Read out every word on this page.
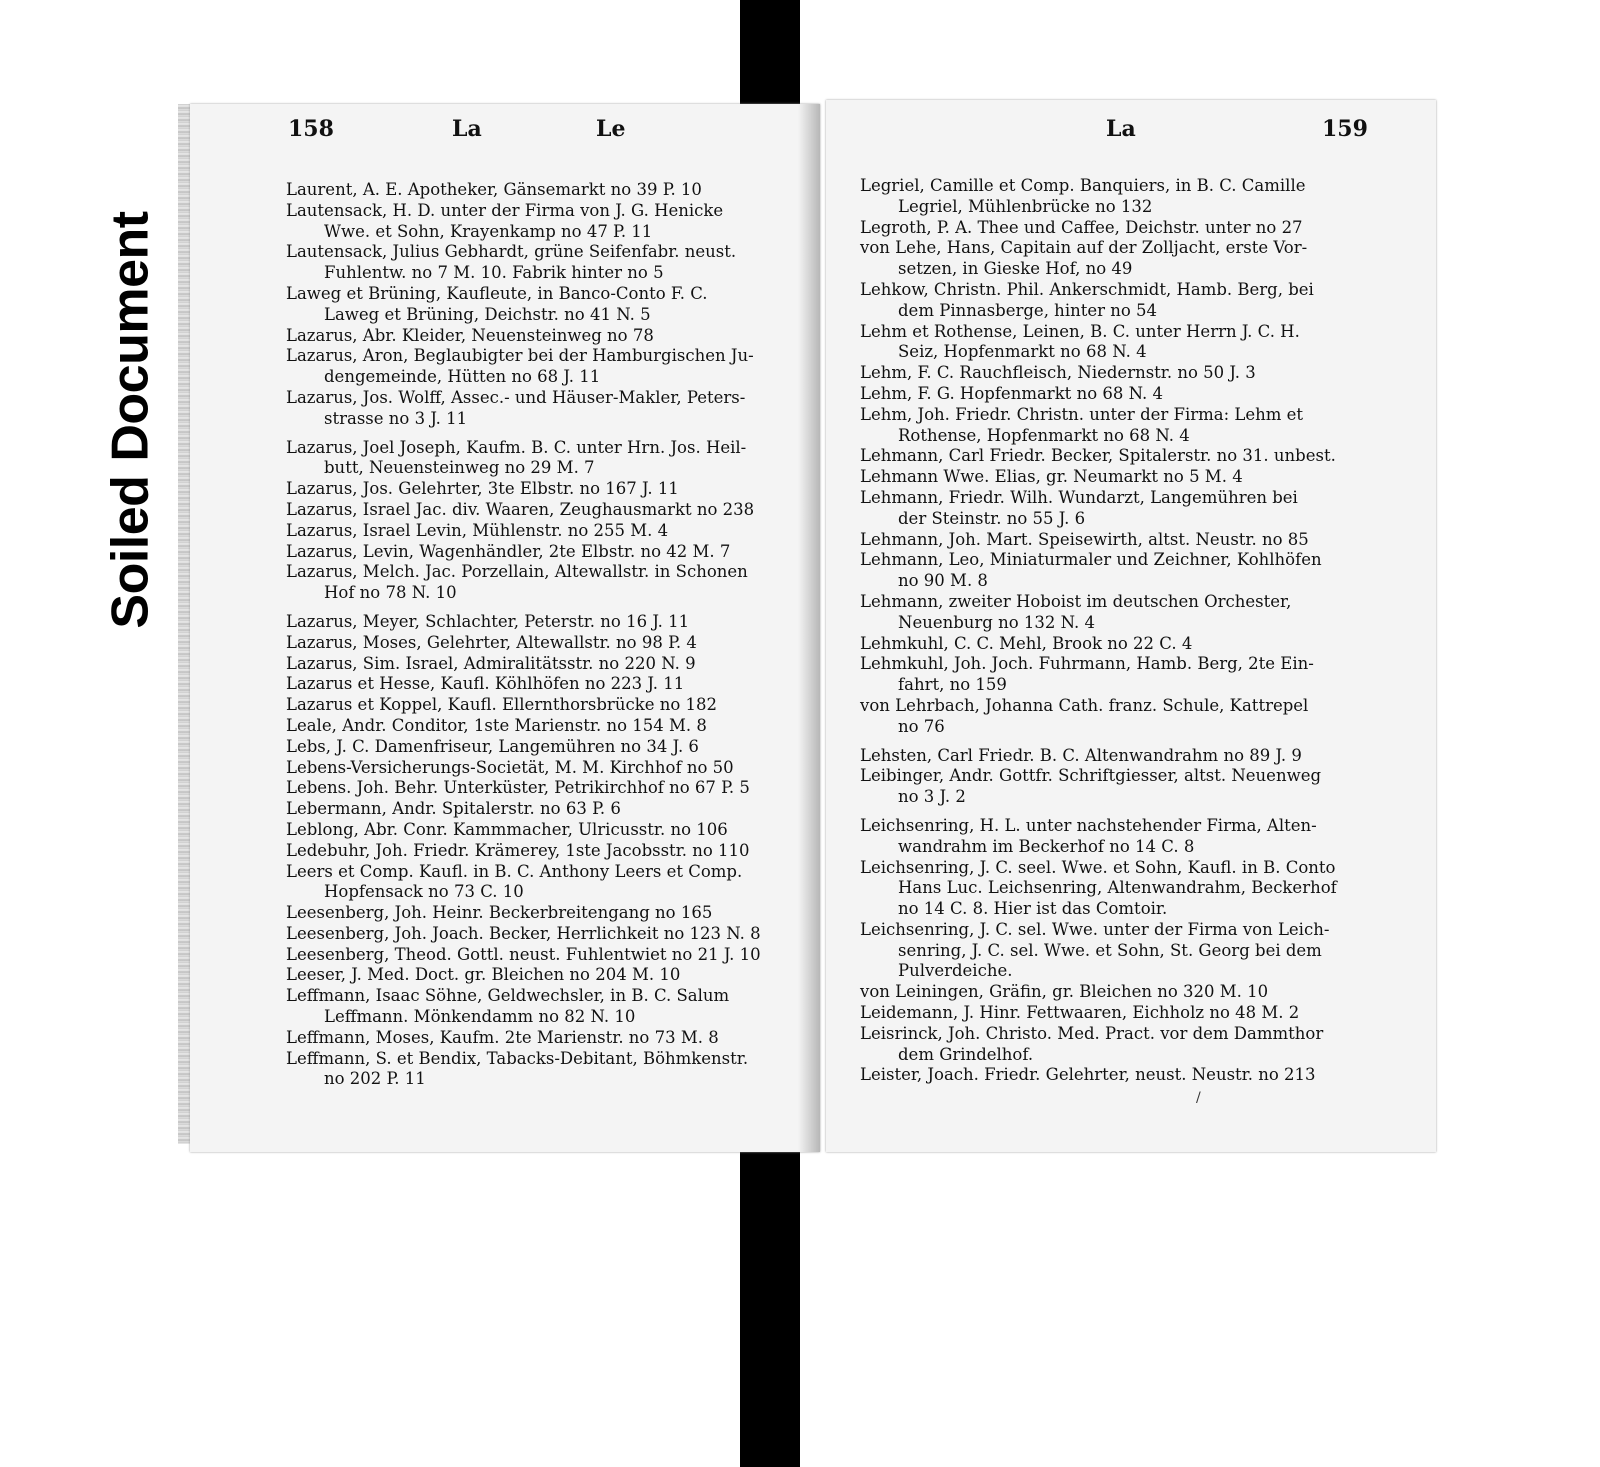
Soiled Document
158	La	Le	La	159

Laurent, A. E. Apotheker, Gänsemarkt no 39 P. 10

Lautensack, H. D. unter der Firma von J. G. Henicke

Wwe. et Sohn, Krayenkamp no 47 P. 11

Lautensack, Julius Gebhardt, grüne Seifenfabr. neust.

Fuhlentw. no 7 M. 10. Fabrik hinter no 5

Laweg et Brüning, Kaufleute, in Banco-Conto F. C.

Laweg et Brüning, Deichstr. no 41 N. 5

Lazarus, Abr. Kleider, Neuensteinweg no 78

Lazarus, Aron, Beglaubigter bei der Hamburgischen Ju-

dengemeinde, Hütten no 68 J. 11

Lazarus, Jos. Wolff, Assec.- und Häuser-Makler, Peters-

strasse no 3 J. 11

Lazarus, Joel Joseph, Kaufm. B. C. unter Hrn. Jos. Heil-

butt, Neuensteinweg no 29 M. 7

Lazarus, Jos. Gelehrter, 3te Elbstr. no 167 J. 11

Lazarus, Israel Jac. div. Waaren, Zeughausmarkt no 238

Lazarus, Israel Levin, Mühlenstr. no 255 M. 4

Lazarus, Levin, Wagenhändler, 2te Elbstr. no 42 M. 7

Lazarus, Melch. Jac. Porzellain, Altewallstr. in Schonen

Hof no 78 N. 10

Lazarus, Meyer, Schlachter, Peterstr. no 16 J. 11

Lazarus, Moses, Gelehrter, Altewallstr. no 98 P. 4

Lazarus, Sim. Israel, Admiralitätsstr. no 220 N. 9

Lazarus et Hesse, Kaufl. Köhlhöfen no 223 J. 11

Lazarus et Koppel, Kaufl. Ellernthorsbrücke no 182

Leale, Andr. Conditor, 1ste Marienstr. no 154 M. 8

Lebs, J. C. Damenfriseur, Langemühren no 34 J. 6

Lebens-Versicherungs-Societät, M. M. Kirchhof no 50

Lebens. Joh. Behr. Unterküster, Petrikirchhof no 67 P. 5

Lebermann, Andr. Spitalerstr. no 63 P. 6

Leblong, Abr. Conr. Kammmacher, Ulricusstr. no 106

Ledebuhr, Joh. Friedr. Krämerey, 1ste Jacobsstr. no 110

Leers et Comp. Kaufl. in B. C. Anthony Leers et Comp.

Hopfensack no 73 C. 10

Leesenberg, Joh. Heinr. Beckerbreitengang no 165

Leesenberg, Joh. Joach. Becker, Herrlichkeit no 123 N. 8

Leesenberg, Theod. Gottl. neust. Fuhlentwiet no 21 J. 10

Leeser, J. Med. Doct. gr. Bleichen no 204 M. 10

Leffmann, Isaac Söhne, Geldwechsler, in B. C. Salum

Leffmann. Mönkendamm no 82 N. 10

Leffmann, Moses, Kaufm. 2te Marienstr. no 73 M. 8

Leffmann, S. et Bendix, Tabacks-Debitant, Böhmkenstr.

no 202 P. 11

Legriel, Camille et Comp. Banquiers, in B. C. Camille

Legriel, Mühlenbrücke no 132

Legroth, P. A. Thee und Caffee, Deichstr. unter no 27

von Lehe, Hans, Capitain auf der Zolljacht, erste Vor-

setzen, in Gieske Hof, no 49

Lehkow, Christn. Phil. Ankerschmidt, Hamb. Berg, bei

dem Pinnasberge, hinter no 54

Lehm et Rothense, Leinen, B. C. unter Herrn J. C. H.

Seiz, Hopfenmarkt no 68 N. 4

Lehm, F. C. Rauchfleisch, Niedernstr. no 50 J. 3

Lehm, F. G. Hopfenmarkt no 68 N. 4

Lehm, Joh. Friedr. Christn. unter der Firma: Lehm et

Rothense, Hopfenmarkt no 68 N. 4

Lehmann, Carl Friedr. Becker, Spitalerstr. no 31. unbest.

Lehmann Wwe. Elias, gr. Neumarkt no 5 M. 4

Lehmann, Friedr. Wilh. Wundarzt, Langemühren bei

der Steinstr. no 55 J. 6

Lehmann, Joh. Mart. Speisewirth, altst. Neustr. no 85

Lehmann, Leo, Miniaturmaler und Zeichner, Kohlhöfen

no 90 M. 8

Lehmann, zweiter Hoboist im deutschen Orchester,

Neuenburg no 132 N. 4

Lehmkuhl, C. C. Mehl, Brook no 22 C. 4

Lehmkuhl, Joh. Joch. Fuhrmann, Hamb. Berg, 2te Ein-

fahrt, no 159

von Lehrbach, Johanna Cath. franz. Schule, Kattrepel

no 76

Lehsten, Carl Friedr. B. C. Altenwandrahm no 89 J. 9

Leibinger, Andr. Gottfr. Schriftgiesser, altst. Neuenweg

no 3 J. 2

Leichsenring, H. L. unter nachstehender Firma, Alten-

wandrahm im Beckerhof no 14 C. 8

Leichsenring, J. C. seel. Wwe. et Sohn, Kaufl. in B. Conto

Hans Luc. Leichsenring, Altenwandrahm, Beckerhof

no 14 C. 8. Hier ist das Comtoir.

Leichsenring, J. C. sel. Wwe. unter der Firma von Leich-

senring, J. C. sel. Wwe. et Sohn, St. Georg bei dem

Pulverdeiche.

von Leiningen, Gräfin, gr. Bleichen no 320 M. 10

Leidemann, J. Hinr. Fettwaaren, Eichholz no 48 M. 2

Leisrinck, Joh. Christo. Med. Pract. vor dem Dammthor

dem Grindelhof.

Leister, Joach. Friedr. Gelehrter, neust. Neustr. no 213

/
